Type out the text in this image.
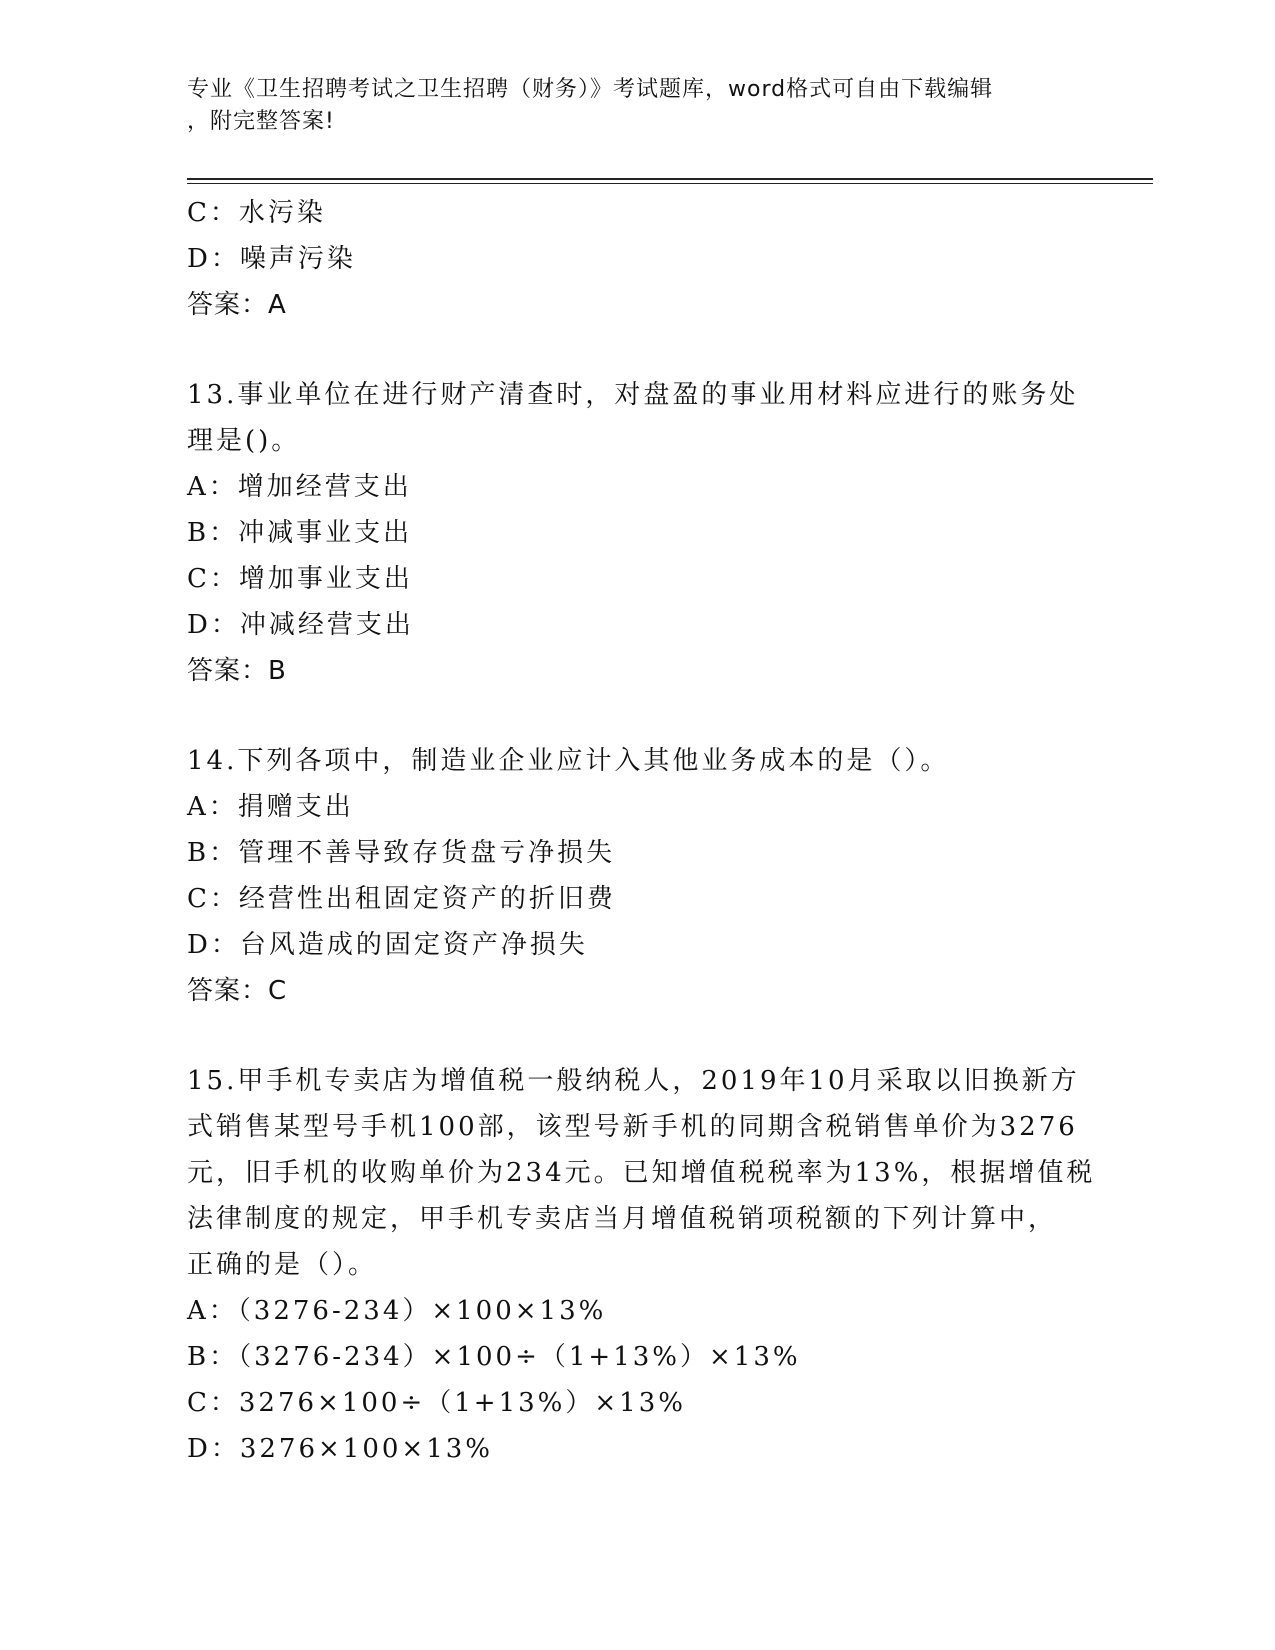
专业《卫生招聘考试之卫生招聘（财务）》考试题库，word格式可自由下载编辑
，附完整答案!
C：水污染
D：噪声污染
答案：A
13.事业单位在进行财产清查时，对盘盈的事业用材料应进行的账务处
理是()。
A：增加经营支出
B：冲减事业支出
C：增加事业支出
D：冲减经营支出
答案：B
14.下列各项中，制造业企业应计入其他业务成本的是（）。
A：捐赠支出
B：管理不善导致存货盘亏净损失
C：经营性出租固定资产的折旧费
D：台风造成的固定资产净损失
答案：C
15.甲手机专卖店为增值税一般纳税人，2019年10月采取以旧换新方
式销售某型号手机100部，该型号新手机的同期含税销售单价为3276
元，旧手机的收购单价为234元。已知增值税税率为13%，根据增值税
法律制度的规定，甲手机专卖店当月增值税销项税额的下列计算中，
正确的是（）。
A：（3276-234）×100×13%
B：（3276-234）×100÷（1+13%）×13%
C：3276×100÷（1+13%）×13%
D：3276×100×13%
